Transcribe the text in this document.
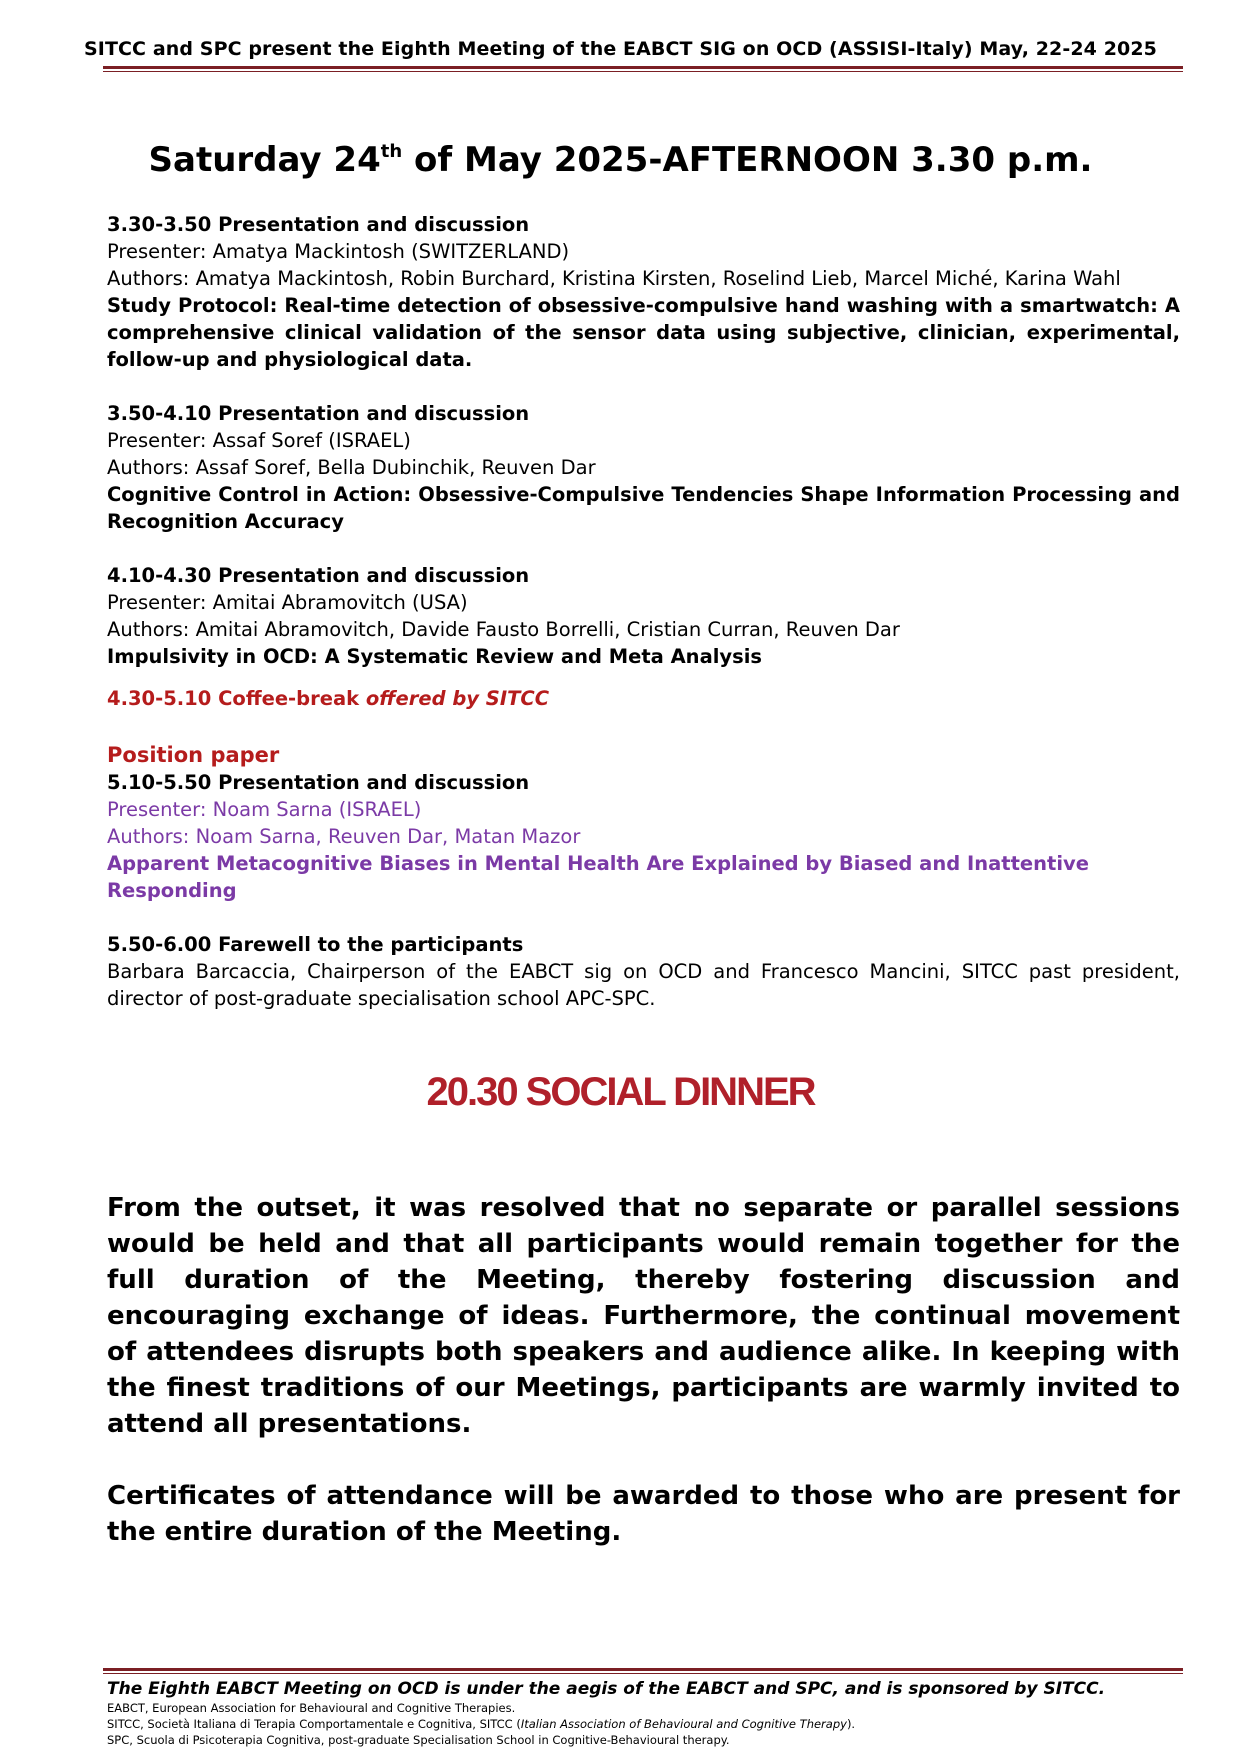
SITCC and SPC present the Eighth Meeting of the EABCT SIG on OCD (ASSISI-Italy) May, 22-24 2025
Saturday 24th of May 2025-AFTERNOON 3.30 p.m.

3.30-3.50 Presentation and discussion

Presenter: Amatya Mackintosh (SWITZERLAND)

Authors: Amatya Mackintosh, Robin Burchard, Kristina Kirsten, Roselind Lieb, Marcel Miché, Karina Wahl

Study Protocol: Real-time detection of obsessive-compulsive hand washing with a smartwatch: A comprehensive clinical validation of the sensor data using subjective, clinician, experimental, follow-up and physiological data.

3.50-4.10 Presentation and discussion

Presenter: Assaf Soref (ISRAEL)

Authors: Assaf Soref, Bella Dubinchik, Reuven Dar

Cognitive Control in Action: Obsessive-Compulsive Tendencies Shape Information Processing and Recognition Accuracy

4.10-4.30 Presentation and discussion

Presenter: Amitai Abramovitch (USA)

Authors: Amitai Abramovitch, Davide Fausto Borrelli, Cristian Curran, Reuven Dar

Impulsivity in OCD: A Systematic Review and Meta Analysis

4.30-5.10 Coffee-break offered by SITCC

Position paper

5.10-5.50 Presentation and discussion

Presenter: Noam Sarna (ISRAEL)

Authors: Noam Sarna, Reuven Dar, Matan Mazor

Apparent Metacognitive Biases in Mental Health Are Explained by Biased and Inattentive Responding

5.50-6.00 Farewell to the participants

Barbara Barcaccia, Chairperson of the EABCT sig on OCD and Francesco Mancini, SITCC past president, director of post-graduate specialisation school APC-SPC.

20.30 SOCIAL DINNER

From the outset, it was resolved that no separate or parallel sessions would be held and that all participants would remain together for the full duration of the Meeting, thereby fostering discussion and encouraging exchange of ideas. Furthermore, the continual movement of attendees disrupts both speakers and audience alike. In keeping with the finest traditions of our Meetings, participants are warmly invited to attend all presentations.

Certificates of attendance will be awarded to those who are present for the entire duration of the Meeting.

The Eighth EABCT Meeting on OCD is under the aegis of the EABCT and SPC, and is sponsored by SITCC.
EABCT, European Association for Behavioural and Cognitive Therapies.
SITCC, Società Italiana di Terapia Comportamentale e Cognitiva, SITCC (Italian Association of Behavioural and Cognitive Therapy).
SPC, Scuola di Psicoterapia Cognitiva, post-graduate Specialisation School in Cognitive-Behavioural therapy.
